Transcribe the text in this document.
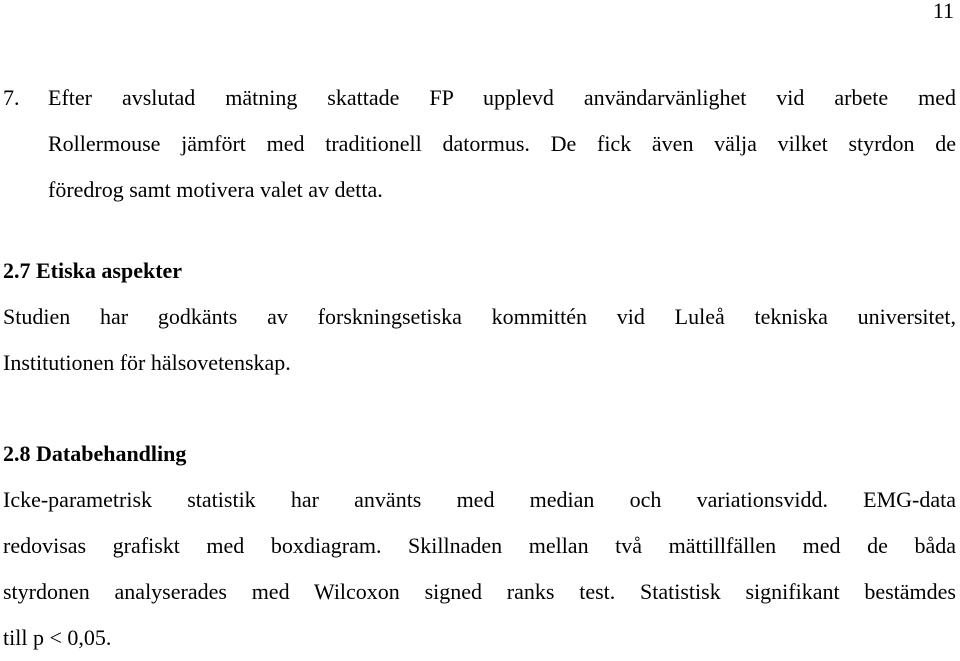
11
7. Efter avslutad mätning skattade FP upplevd användarvänlighet vid arbete med
Rollermouse jämfört med traditionell datormus. De fick även välja vilket styrdon de
föredrog samt motivera valet av detta.

2.7 Etiska aspekter

Studien har godkänts av forskningsetiska kommittén vid Luleå tekniska universitet,
Institutionen för hälsovetenskap.

2.8 Databehandling

Icke-parametrisk statistik har använts med median och variationsvidd. EMG-data
redovisas grafiskt med boxdiagram. Skillnaden mellan två mättillfällen med de båda
styrdonen analyserades med Wilcoxon signed ranks test. Statistisk signifikant bestämdes
till p < 0,05.
